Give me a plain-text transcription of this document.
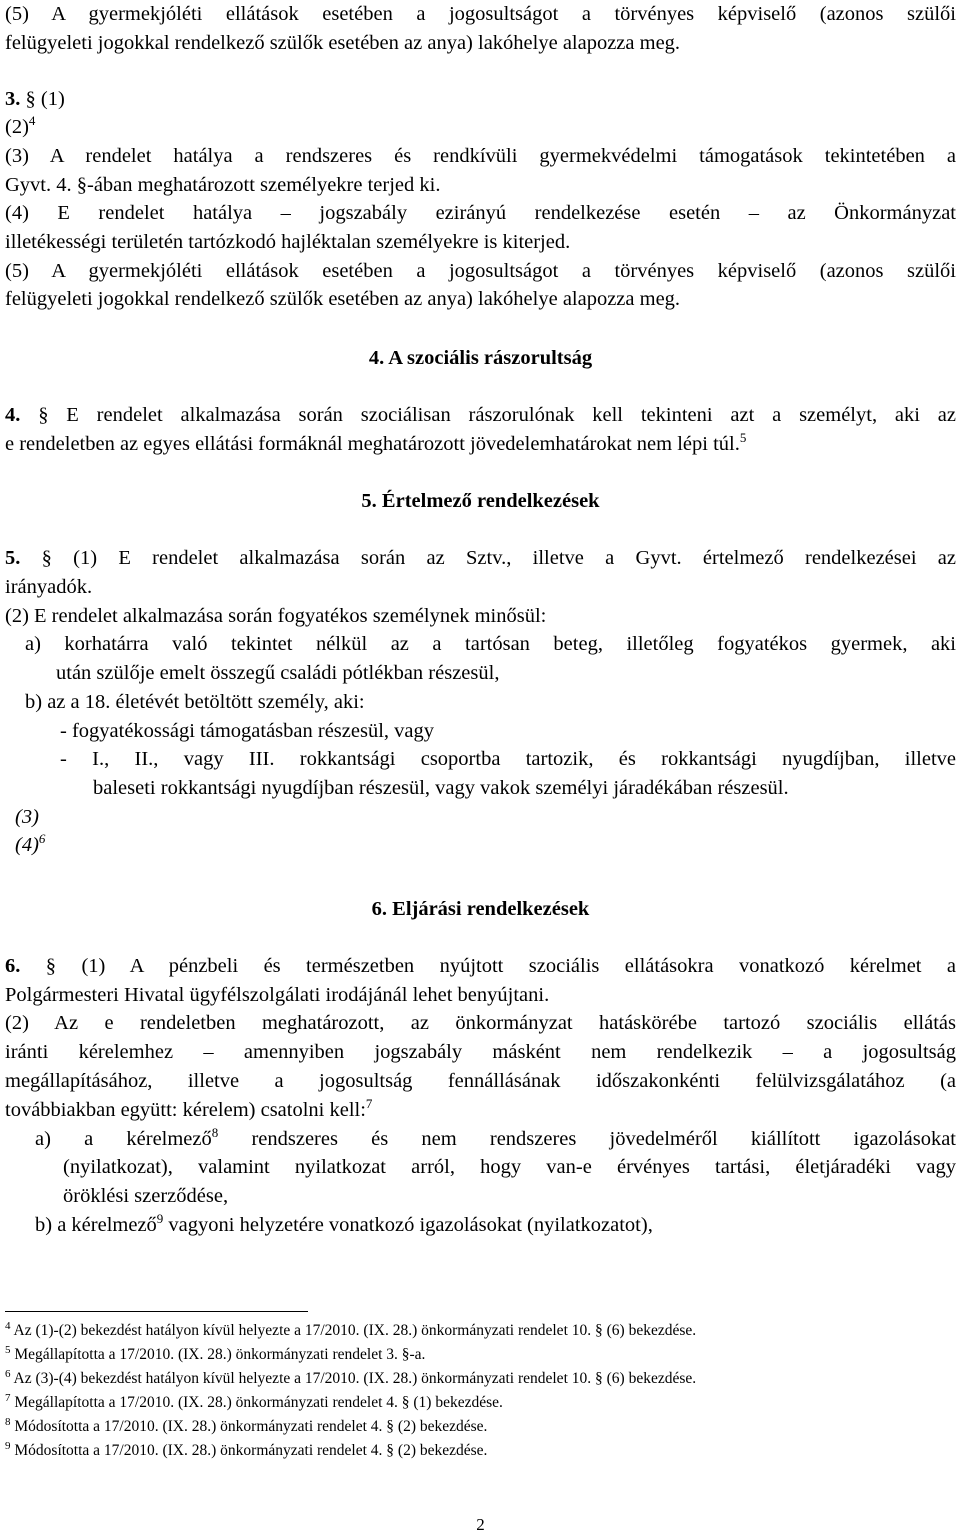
(5) A gyermekjóléti ellátások esetében a jogosultságot a törvényes képviselő (azonos szülői
felügyeleti jogokkal rendelkező szülők esetében az anya) lakóhelye alapozza meg.
3. § (1)
$(2)^4$
(3) A rendelet hatálya a rendszeres és rendkívüli gyermekvédelmi támogatások tekintetében a
Gyvt. 4. §-ában meghatározott személyekre terjed ki.
(4) E rendelet hatálya – jogszabály ezirányú rendelkezése esetén – az Önkormányzat
illetékességi területén tartózkodó hajléktalan személyekre is kiterjed.
(5) A gyermekjóléti ellátások esetében a jogosultságot a törvényes képviselő (azonos szülői
felügyeleti jogokkal rendelkező szülők esetében az anya) lakóhelye alapozza meg.
4. A szociális rászorultság
4. § E rendelet alkalmazása során szociálisan rászorulónak kell tekinteni azt a személyt, aki az
e rendeletben az egyes ellátási formáknál meghatározott jövedelemhatárokat nem lépi túl.$^5$
5. Értelmező rendelkezések
5. § (1) E rendelet alkalmazása során az Sztv., illetve a Gyvt. értelmező rendelkezései az
irányadók.
(2) E rendelet alkalmazása során fogyatékos személynek minősül:
a) korhatárra való tekintet nélkül az a tartósan beteg, illetőleg fogyatékos gyermek, aki
után szülője emelt összegű családi pótlékban részesül,
b) az a 18. életévét betöltött személy, aki:
- fogyatékossági támogatásban részesül, vagy
- I., II., vagy III. rokkantsági csoportba tartozik, és rokkantsági nyugdíjban, illetve
baleseti rokkantsági nyugdíjban részesül, vagy vakok személyi járadékában részesül.
(3)
$(4)^6$
6. Eljárási rendelkezések
6. § (1) A pénzbeli és természetben nyújtott szociális ellátásokra vonatkozó kérelmet a
Polgármesteri Hivatal ügyfélszolgálati irodájánál lehet benyújtani.
(2) Az e rendeletben meghatározott, az önkormányzat hatáskörébe tartozó szociális ellátás
iránti kérelemhez – amennyiben jogszabály másként nem rendelkezik – a jogosultság
megállapításához, illetve a jogosultság fennállásának időszakonkénti felülvizsgálatához (a
továbbiakban együtt: kérelem) csatolni kell:$^7$
a) a kérelmező$^8$ rendszeres és nem rendszeres jövedelméről kiállított igazolásokat
(nyilatkozat), valamint nyilatkozat arról, hogy van-e érvényes tartási, életjáradéki vagy
öröklési szerződése,
b) a kérelmező$^9$ vagyoni helyzetére vonatkozó igazolásokat (nyilatkozatot),
$^4$ Az (1)-(2) bekezdést hatályon kívül helyezte a 17/2010. (IX. 28.) önkormányzati rendelet 10. § (6) bekezdése.
$^5$ Megállapította a 17/2010. (IX. 28.) önkormányzati rendelet 3. §-a.
$^6$ Az (3)-(4) bekezdést hatályon kívül helyezte a 17/2010. (IX. 28.) önkormányzati rendelet 10. § (6) bekezdése.
$^7$ Megállapította a 17/2010. (IX. 28.) önkormányzati rendelet 4. § (1) bekezdése.
$^8$ Módosította a 17/2010. (IX. 28.) önkormányzati rendelet 4. § (2) bekezdése.
$^9$ Módosította a 17/2010. (IX. 28.) önkormányzati rendelet 4. § (2) bekezdése.
2
